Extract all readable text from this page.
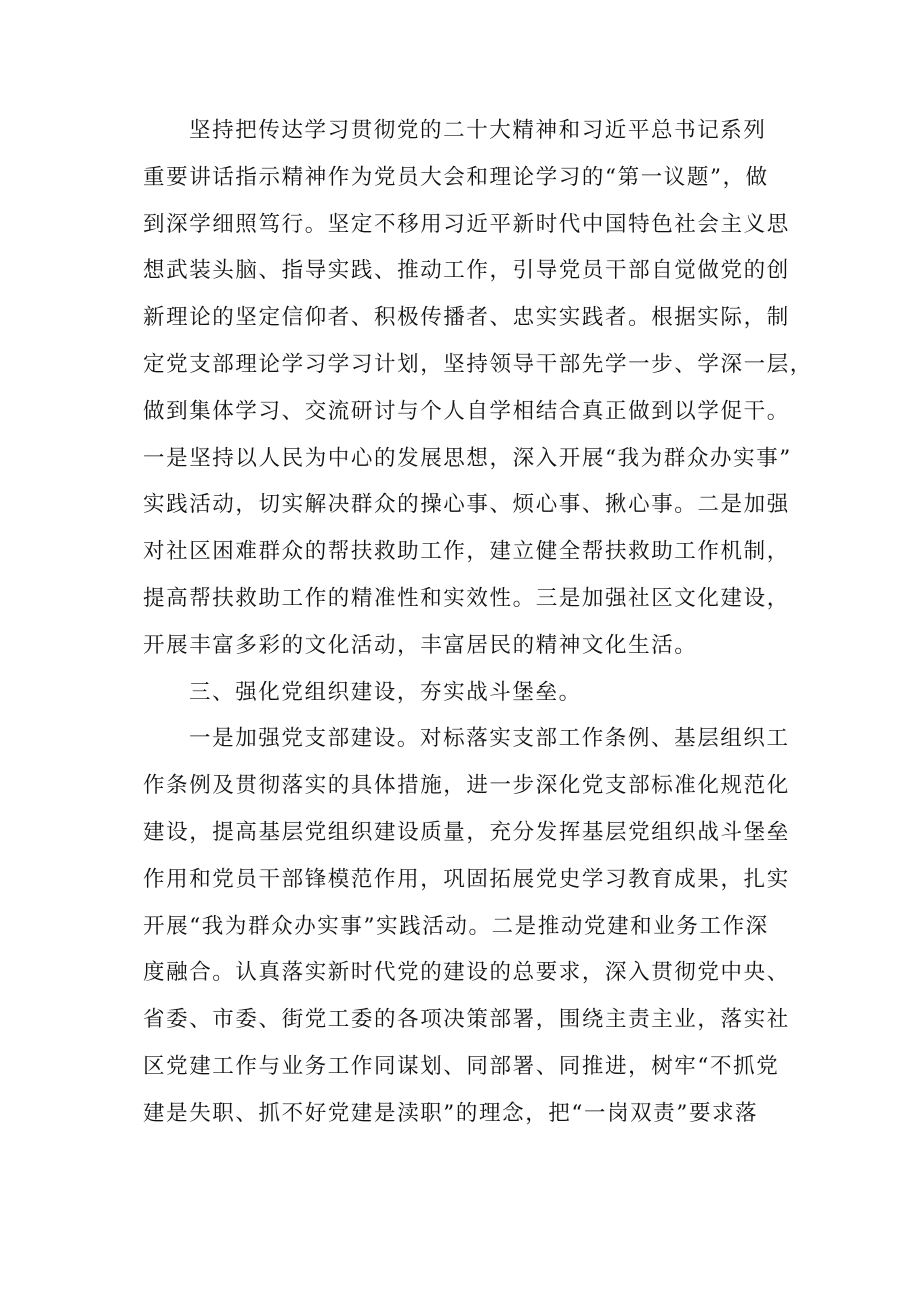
坚持把传达学习贯彻党的二十大精神和习近平总书记系列
重要讲话指示精神作为党员大会和理论学习的“第一议题”，做
到深学细照笃行。坚定不移用习近平新时代中国特色社会主义思
想武装头脑、指导实践、推动工作，引导党员干部自觉做党的创
新理论的坚定信仰者、积极传播者、忠实实践者。根据实际，制
定党支部理论学习学习计划，坚持领导干部先学一步、学深一层，
做到集体学习、交流研讨与个人自学相结合真正做到以学促干。
一是坚持以人民为中心的发展思想，深入开展“我为群众办实事”
实践活动，切实解决群众的操心事、烦心事、揪心事。二是加强
对社区困难群众的帮扶救助工作，建立健全帮扶救助工作机制，
提高帮扶救助工作的精准性和实效性。三是加强社区文化建设，
开展丰富多彩的文化活动，丰富居民的精神文化生活。
三、强化党组织建设，夯实战斗堡垒。
一是加强党支部建设。对标落实支部工作条例、基层组织工
作条例及贯彻落实的具体措施，进一步深化党支部标准化规范化
建设，提高基层党组织建设质量，充分发挥基层党组织战斗堡垒
作用和党员干部锋模范作用，巩固拓展党史学习教育成果，扎实
开展“我为群众办实事”实践活动。二是推动党建和业务工作深
度融合。认真落实新时代党的建设的总要求，深入贯彻党中央、
省委、市委、街党工委的各项决策部署，围绕主责主业，落实社
区党建工作与业务工作同谋划、同部署、同推进，树牢“不抓党
建是失职、抓不好党建是渎职”的理念，把“一岗双责”要求落
